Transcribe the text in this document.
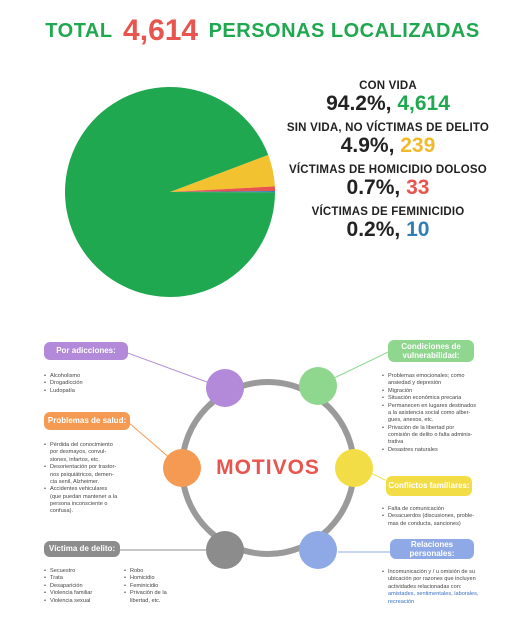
TOTAL 4,614 PERSONAS LOCALIZADAS
CON VIDA
94.2%, 4,614
SIN VIDA, NO VÍCTIMAS DE DELITO
4.9%, 239
VÍCTIMAS DE HOMICIDIO DOLOSO
0.7%, 33
VÍCTIMAS DE FEMINICIDIO
0.2%, 10
MOTIVOS
Por adicciones:
• Alcoholismo
• Drogadicción
• Ludopatía
Problemas de salud:
• Pérdida del conocimiento
por desmayos, convul-
siones, infartos, etc.
• Desorientación por trastor-
nos psiquiátricos, demen-
cia senil, Alzheimer.
• Accidentes vehiculares
(que puedan mantener a la
persona inconsciente o
confusa).
Víctima de delito:
• Secuestro
• Trata
• Desaparición
• Violencia familiar
• Violencia sexual
• Robo
• Homicidio
• Feminicidio
• Privación de la
libertad, etc.
Condiciones de vulnerabilidad:
• Problemas emocionales; como
ansiedad y depresión
• Migración
• Situación económica precaria
• Permanecen en lugares destinados
a la asistencia social como alber-
gues, anexos, etc.
• Privación de la libertad por
comisión de delito o falta adminis-
trativa
• Desastres naturales
Conflictos familiares:
• Falta de comunicación
• Desacuerdos (discusiones, proble-
mas de conducta, sanciones)
Relaciones personales:
• Incomunicación y / u omisión de su
ubicación por razones que incluyen
actividades relacionadas con:
amistades, sentimentales, laborales,
recreación
